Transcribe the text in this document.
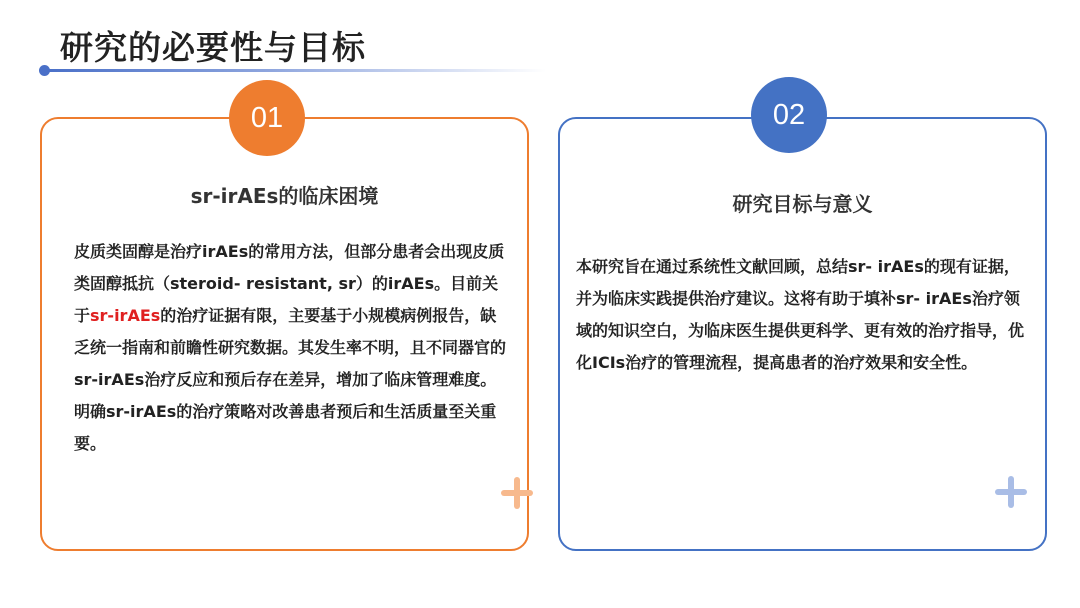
研究的必要性与目标
01
sr-irAEs的临床困境

皮质类固醇是治疗irAEs的常用方法，但部分患者会出现皮质类固醇抵抗（steroid- resistant, sr）的irAEs。目前关于sr-irAEs的治疗证据有限，主要基于小规模病例报告，缺乏统一指南和前瞻性研究数据。其发生率不明，且不同器官的sr-irAEs治疗反应和预后存在差异，增加了临床管理难度。明确sr-irAEs的治疗策略对改善患者预后和生活质量至关重要。

02
研究目标与意义

本研究旨在通过系统性文献回顾，总结sr- irAEs的现有证据，并为临床实践提供治疗建议。这将有助于填补sr- irAEs治疗领域的知识空白，为临床医生提供更科学、更有效的治疗指导，优化ICIs治疗的管理流程，提高患者的治疗效果和安全性。
